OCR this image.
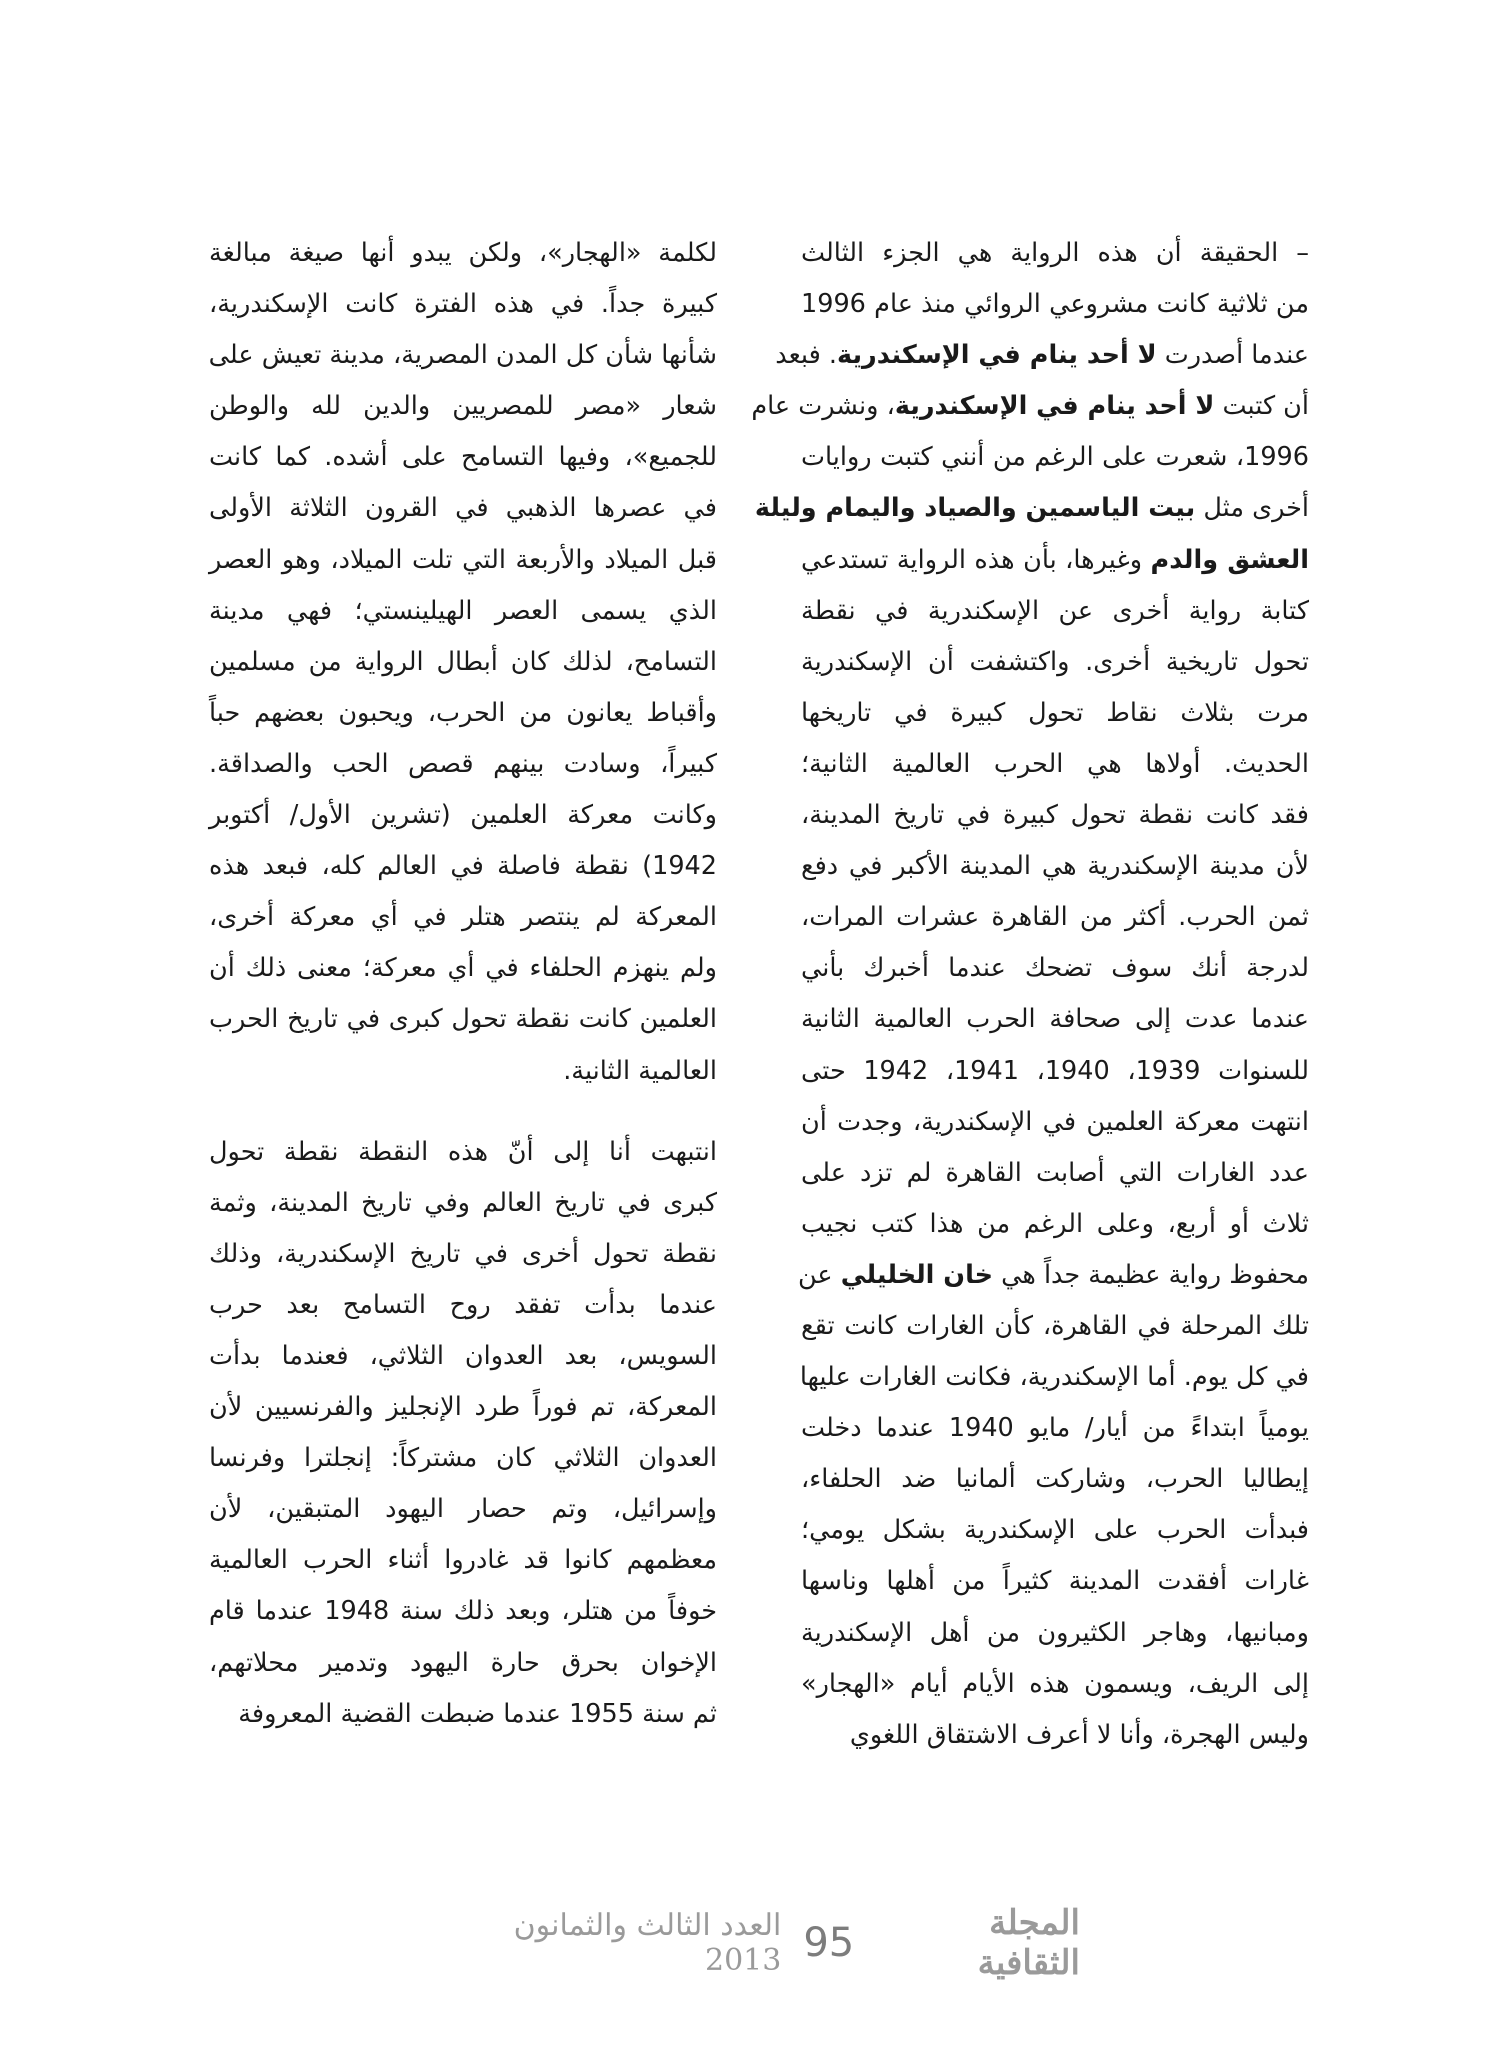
– الحقيقة أن هذه الرواية هي الجزء الثالث
من ثلاثية كانت مشروعي الروائي منذ عام 1996
عندما أصدرت لا أحد ينام في الإسكندرية. فبعد
أن كتبت لا أحد ينام في الإسكندرية، ونشرت عام
1996، شعرت على الرغم من أنني كتبت روايات
أخرى مثل بيت الياسمين والصياد واليمام وليلة
العشق والدم وغيرها، بأن هذه الرواية تستدعي
كتابة رواية أخرى عن الإسكندرية في نقطة
تحول تاريخية أخرى. واكتشفت أن الإسكندرية
مرت بثلاث نقاط تحول كبيرة في تاريخها
الحديث. أولاها هي الحرب العالمية الثانية؛
فقد كانت نقطة تحول كبيرة في تاريخ المدينة،
لأن مدينة الإسكندرية هي المدينة الأكبر في دفع
ثمن الحرب. أكثر من القاهرة عشرات المرات،
لدرجة أنك سوف تضحك عندما أخبرك بأني
عندما عدت إلى صحافة الحرب العالمية الثانية
للسنوات 1939، 1940، 1941، 1942 حتى
انتهت معركة العلمين في الإسكندرية، وجدت أن
عدد الغارات التي أصابت القاهرة لم تزد على
ثلاث أو أربع، وعلى الرغم من هذا كتب نجيب
محفوظ رواية عظيمة جداً هي خان الخليلي عن
تلك المرحلة في القاهرة، كأن الغارات كانت تقع
في كل يوم. أما الإسكندرية، فكانت الغارات عليها
يومياً ابتداءً من أيار/ مايو 1940 عندما دخلت
إيطاليا الحرب، وشاركت ألمانيا ضد الحلفاء،
فبدأت الحرب على الإسكندرية بشكل يومي؛
غارات أفقدت المدينة كثيراً من أهلها وناسها
ومبانيها، وهاجر الكثيرون من أهل الإسكندرية
إلى الريف، ويسمون هذه الأيام أيام «الهجار»
وليس الهجرة، وأنا لا أعرف الاشتقاق اللغوي
لكلمة «الهجار»، ولكن يبدو أنها صيغة مبالغة
كبيرة جداً. في هذه الفترة كانت الإسكندرية،
شأنها شأن كل المدن المصرية، مدينة تعيش على
شعار «مصر للمصريين والدين لله والوطن
للجميع»، وفيها التسامح على أشده. كما كانت
في عصرها الذهبي في القرون الثلاثة الأولى
قبل الميلاد والأربعة التي تلت الميلاد، وهو العصر
الذي يسمى العصر الهيلينستي؛ فهي مدينة
التسامح، لذلك كان أبطال الرواية من مسلمين
وأقباط يعانون من الحرب، ويحبون بعضهم حباً
كبيراً، وسادت بينهم قصص الحب والصداقة.
وكانت معركة العلمين (تشرين الأول/ أكتوبر
1942) نقطة فاصلة في العالم كله، فبعد هذه
المعركة لم ينتصر هتلر في أي معركة أخرى،
ولم ينهزم الحلفاء في أي معركة؛ معنى ذلك أن
العلمين كانت نقطة تحول كبرى في تاريخ الحرب
العالمية الثانية.
انتبهت أنا إلى أنّ هذه النقطة نقطة تحول
كبرى في تاريخ العالم وفي تاريخ المدينة، وثمة
نقطة تحول أخرى في تاريخ الإسكندرية، وذلك
عندما بدأت تفقد روح التسامح بعد حرب
السويس، بعد العدوان الثلاثي، فعندما بدأت
المعركة، تم فوراً طرد الإنجليز والفرنسيين لأن
العدوان الثلاثي كان مشتركاً: إنجلترا وفرنسا
وإسرائيل، وتم حصار اليهود المتبقين، لأن
معظمهم كانوا قد غادروا أثناء الحرب العالمية
خوفاً من هتلر، وبعد ذلك سنة 1948 عندما قام
الإخوان بحرق حارة اليهود وتدمير محلاتهم،
ثم سنة 1955 عندما ضبطت القضية المعروفة
المجلة الثقافية
95
العدد الثالث والثمانون 2013
